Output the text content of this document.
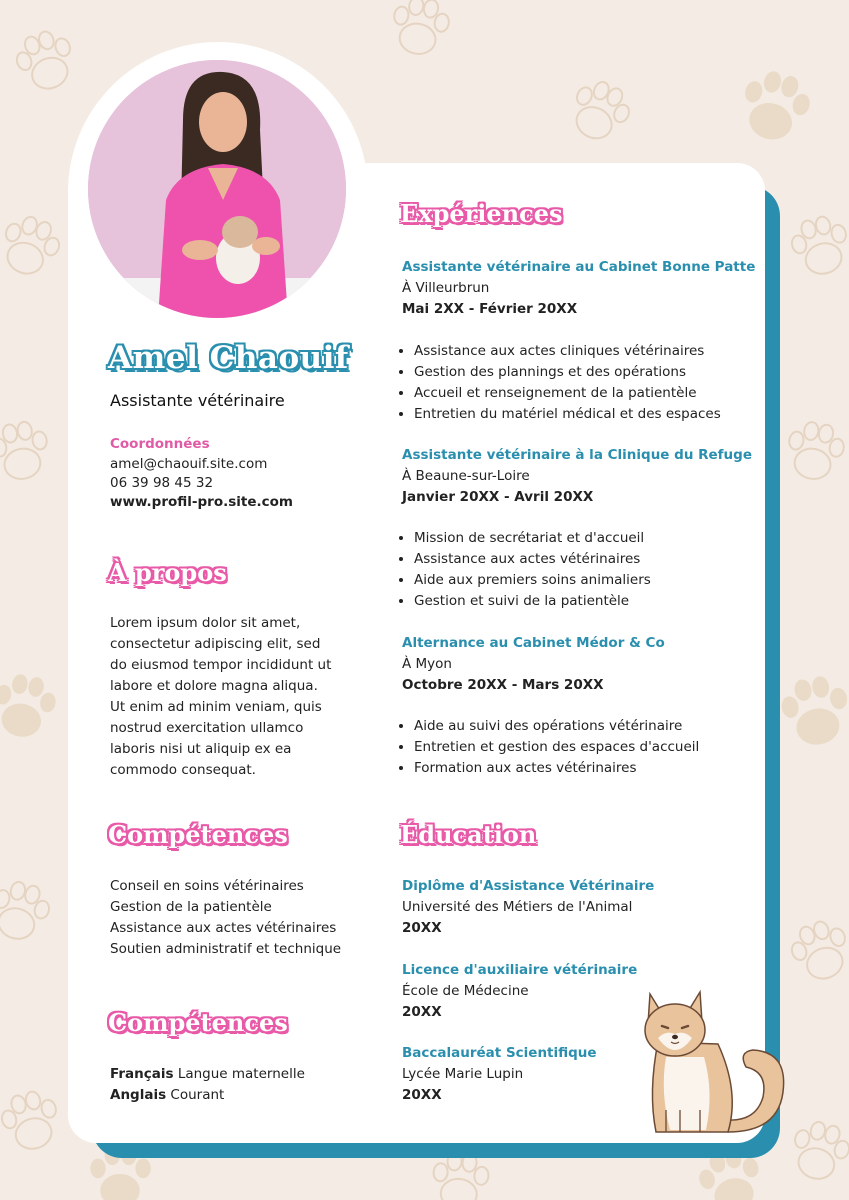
Amel Chaouif
Assistante vétérinaire
Coordonnées
amel@chaouif.site.com
06 39 98 45 32
www.profil-pro.site.com
À propos
Lorem ipsum dolor sit amet,
consectetur adipiscing elit, sed
do eiusmod tempor incididunt ut
labore et dolore magna aliqua.
Ut enim ad minim veniam, quis
nostrud exercitation ullamco
laboris nisi ut aliquip ex ea
commodo consequat.
Compétences
Conseil en soins vétérinaires
Gestion de la patientèle
Assistance aux actes vétérinaires
Soutien administratif et technique
Compétences
Français Langue maternelle
Anglais Courant
Expériences
Assistante vétérinaire au Cabinet Bonne Patte
À Villeurbrun
Mai 2XX - Février 20XX
• Assistance aux actes cliniques vétérinaires
• Gestion des plannings et des opérations
• Accueil et renseignement de la patientèle
• Entretien du matériel médical et des espaces
Assistante vétérinaire à la Clinique du Refuge
À Beaune-sur-Loire
Janvier 20XX - Avril 20XX
• Mission de secrétariat et d'accueil
• Assistance aux actes vétérinaires
• Aide aux premiers soins animaliers
• Gestion et suivi de la patientèle
Alternance au Cabinet Médor & Co
À Myon
Octobre 20XX - Mars 20XX
• Aide au suivi des opérations vétérinaire
• Entretien et gestion des espaces d'accueil
• Formation aux actes vétérinaires
Éducation
Diplôme d'Assistance Vétérinaire
Université des Métiers de l'Animal
20XX
Licence d'auxiliaire vétérinaire
École de Médecine
20XX
Baccalauréat Scientifique
Lycée Marie Lupin
20XX
